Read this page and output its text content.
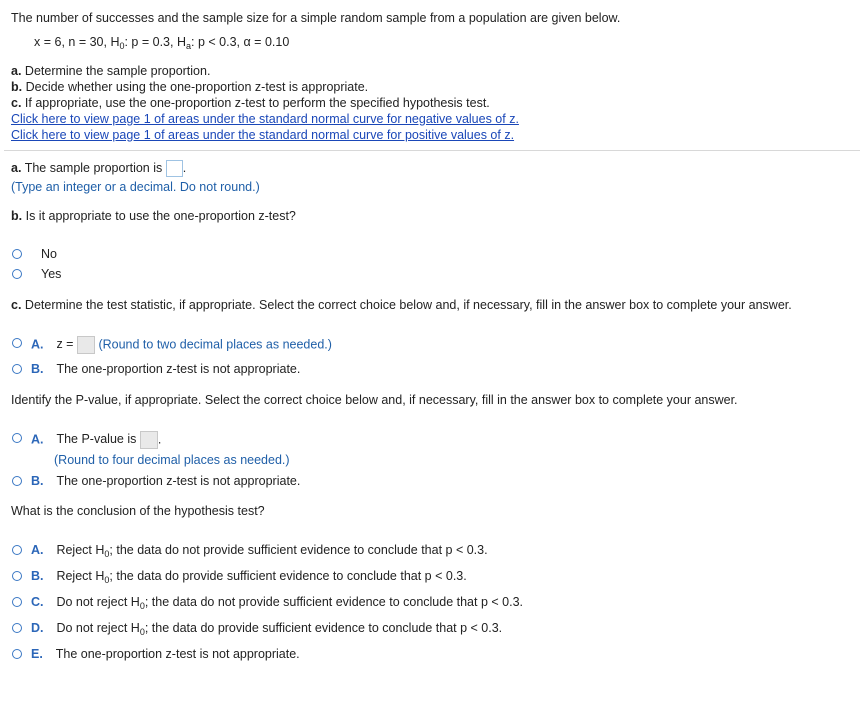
The number of successes and the sample size for a simple random sample from a population are given below.
x = 6, n = 30, $H_0$: p = 0.3, $H_a$: p < 0.3, α = 0.10
a. Determine the sample proportion.
b. Decide whether using the one-proportion z-test is appropriate.
c. If appropriate, use the one-proportion z-test to perform the specified hypothesis test.
Click here to view page 1 of areas under the standard normal curve for negative values of z.
Click here to view page 1 of areas under the standard normal curve for positive values of z.
a. The sample proportion is .
(Type an integer or a decimal. Do not round.)
b. Is it appropriate to use the one-proportion z-test?
No
Yes
c. Determine the test statistic, if appropriate. Select the correct choice below and, if necessary, fill in the answer box to complete your answer.
A. z = (Round to two decimal places as needed.)
B. The one-proportion z-test is not appropriate.
Identify the P-value, if appropriate. Select the correct choice below and, if necessary, fill in the answer box to complete your answer.
A. The P-value is .
(Round to four decimal places as needed.)
B. The one-proportion z-test is not appropriate.
What is the conclusion of the hypothesis test?
A. Reject $H_0$; the data do not provide sufficient evidence to conclude that p < 0.3.
B. Reject $H_0$; the data do provide sufficient evidence to conclude that p < 0.3.
C. Do not reject $H_0$; the data do not provide sufficient evidence to conclude that p < 0.3.
D. Do not reject $H_0$; the data do provide sufficient evidence to conclude that p < 0.3.
E. The one-proportion z-test is not appropriate.
